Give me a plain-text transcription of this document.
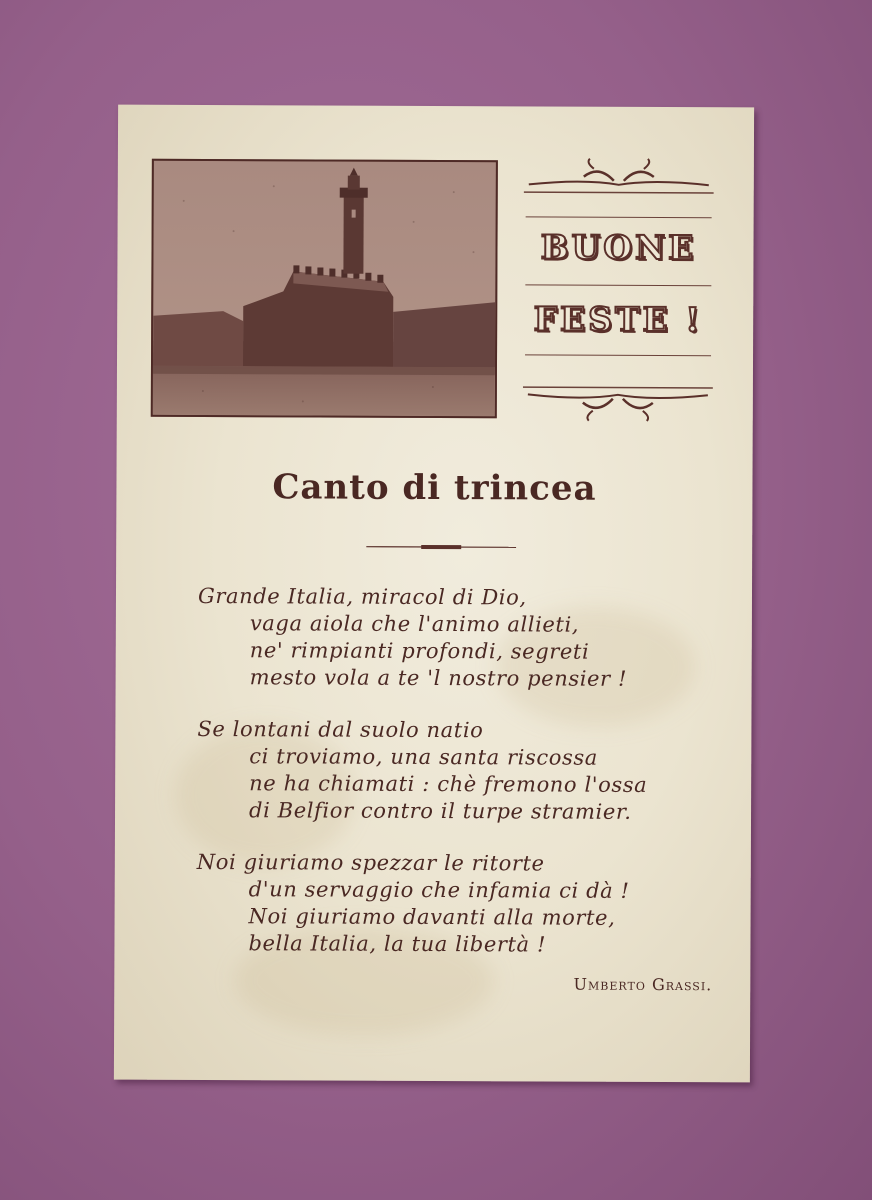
BUONE
FESTE !
Canto di trincea
Grande Italia, miracol di Dio,
vaga aiola che l'animo allieti,
ne' rimpianti profondi, segreti
mesto vola a te 'l nostro pensier !
Se lontani dal suolo natio
ci troviamo, una santa riscossa
ne ha chiamati : chè fremono l'ossa
di Belfior contro il turpe stramier.
Noi giuriamo spezzar le ritorte
d'un servaggio che infamia ci dà !
Noi giuriamo davanti alla morte,
bella Italia, la tua libertà !
Umberto Grassi.
